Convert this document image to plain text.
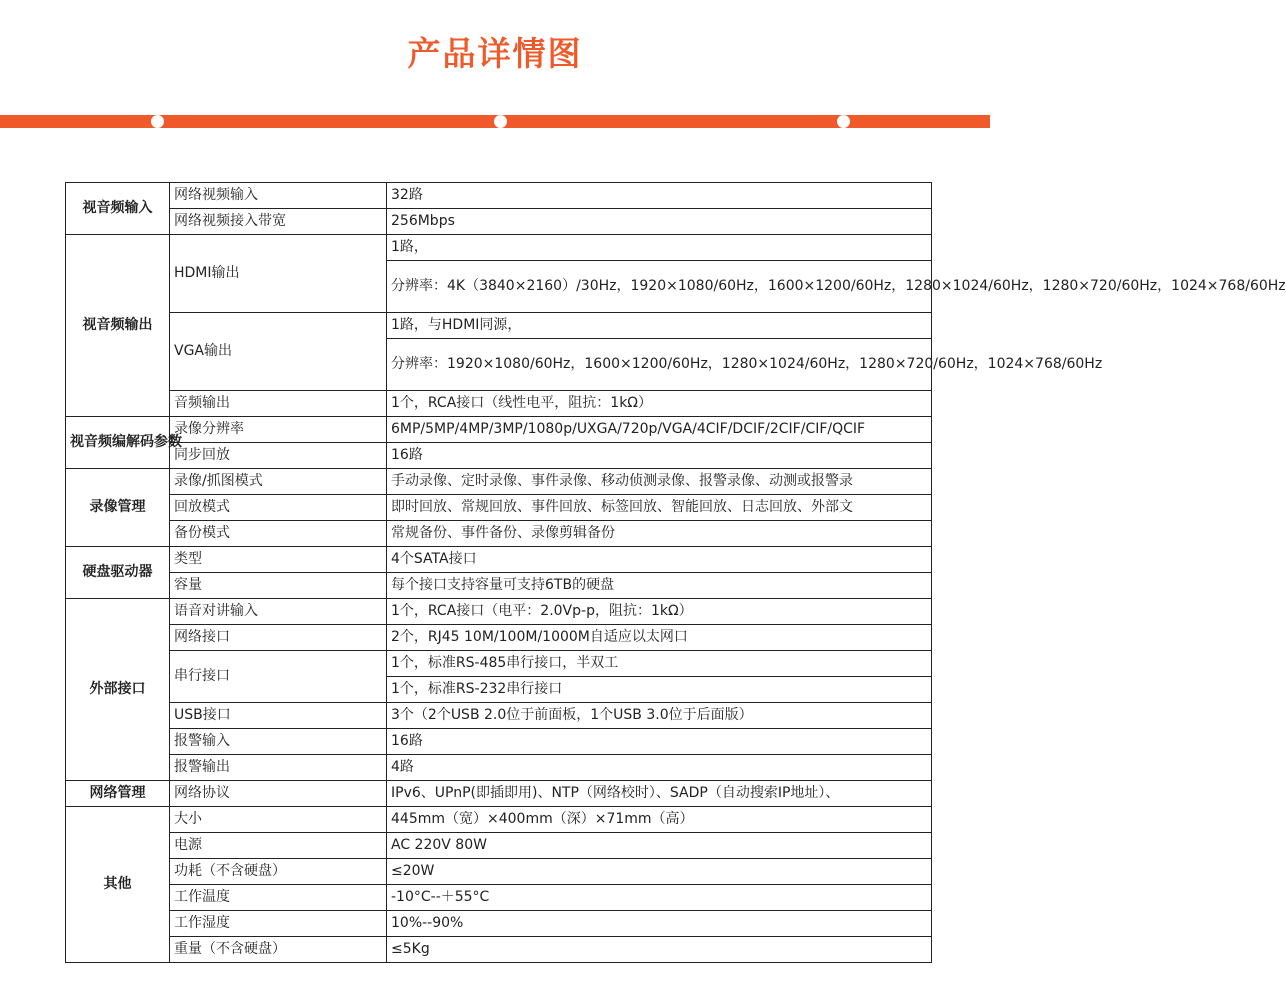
产品详情图
视音频输入	网络视频输入	32路
	网络视频接入带宽	256Mbps
视音频输出	HDMI输出	1路，
		分辨率：4K（3840×2160）/30Hz，1920×1080/60Hz，1600×1200/60Hz，1280×1024/60Hz，1280×720/60Hz，1024×768/60Hz
	VGA输出	1路，与HDMI同源，
		分辨率：1920×1080/60Hz，1600×1200/60Hz，1280×1024/60Hz，1280×720/60Hz，1024×768/60Hz
	音频输出	1个，RCA接口（线性电平，阻抗：1kΩ）
视音频编解码参数	录像分辨率	6MP/5MP/4MP/3MP/1080p/UXGA/720p/VGA/4CIF/DCIF/2CIF/CIF/QCIF
	同步回放	16路
录像管理	录像/抓图模式	手动录像、定时录像、事件录像、移动侦测录像、报警录像、动测或报警录
	回放模式	即时回放、常规回放、事件回放、标签回放、智能回放、日志回放、外部文
	备份模式	常规备份、事件备份、录像剪辑备份
硬盘驱动器	类型	4个SATA接口
	容量	每个接口支持容量可支持6TB的硬盘
外部接口	语音对讲输入	1个，RCA接口（电平：2.0Vp-p，阻抗：1kΩ）
	网络接口	2个，RJ45 10M/100M/1000M自适应以太网口
	串行接口	1个，标准RS-485串行接口，半双工
		1个，标准RS-232串行接口
	USB接口	3个（2个USB 2.0位于前面板，1个USB 3.0位于后面版）
	报警输入	16路
	报警输出	4路
网络管理	网络协议	IPv6、UPnP(即插即用)、NTP（网络校时）、SADP（自动搜索IP地址）、
其他	大小	445mm（宽）×400mm（深）×71mm（高）
	电源	AC 220V 80W
	功耗（不含硬盘）	≤20W
	工作温度	-10°C--＋55°C
	工作湿度	10%--90%
	重量（不含硬盘）	≤5Kg
